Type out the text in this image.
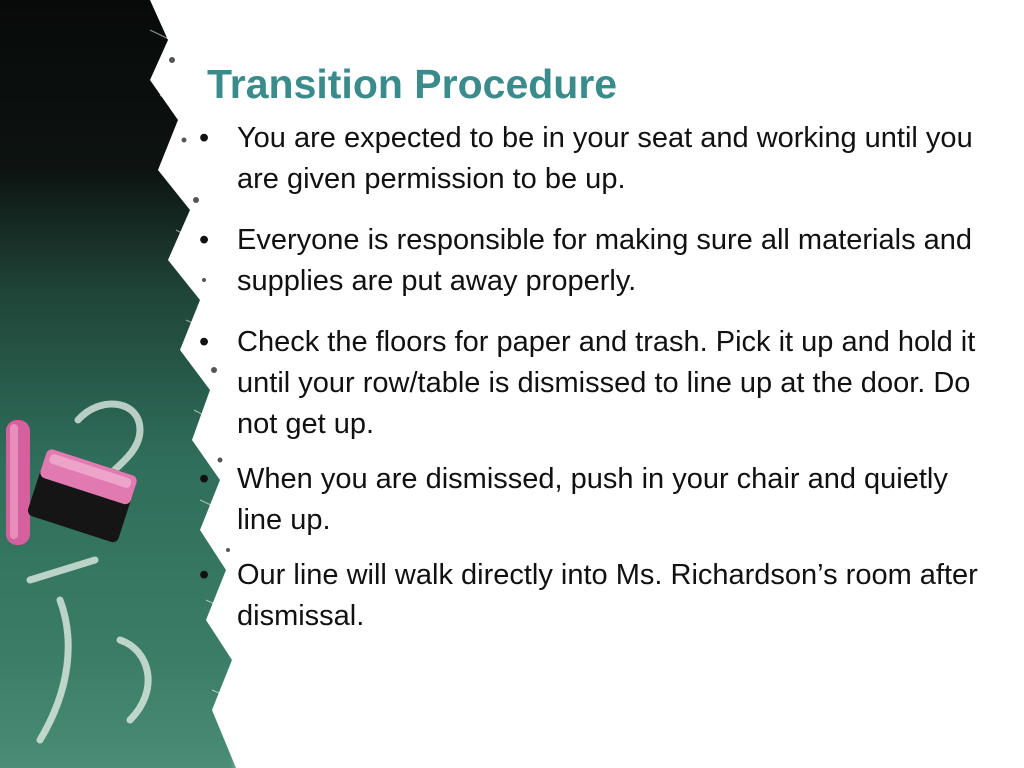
Transition Procedure
• You are expected to be in your seat and working until you are given permission to be up.
• Everyone is responsible for making sure all materials and supplies are put away properly.
• Check the floors for paper and trash. Pick it up and hold it until your row/table is dismissed to line up at the door. Do not get up.
• When you are dismissed, push in your chair and quietly line up.
• Our line will walk directly into Ms. Richardson’s room after dismissal.
